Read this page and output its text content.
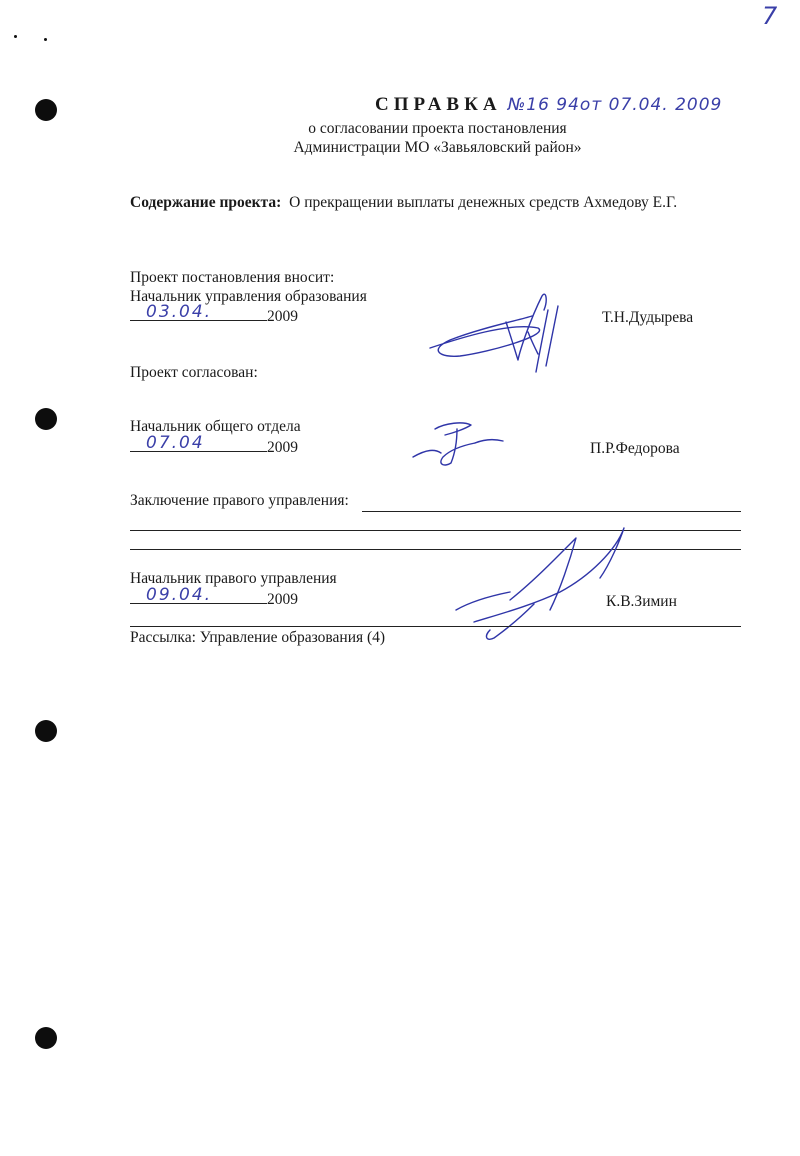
7
СПРАВКА №16 94от 07.04. 2009
о согласовании проекта постановления
Администрации МО «Завьяловский район»
Содержание проекта: О прекращении выплаты денежных средств Ахмедову Е.Г.
Проект постановления вносит:
Начальник управления образования
03.04.	2009	Т.Н.Дудырева
Проект согласован:
Начальник общего отдела
07.04	2009	П.Р.Федорова
Заключение правого управления:
Начальник правого управления
09.04.	2009	К.В.Зимин
Рассылка: Управление образования (4)
